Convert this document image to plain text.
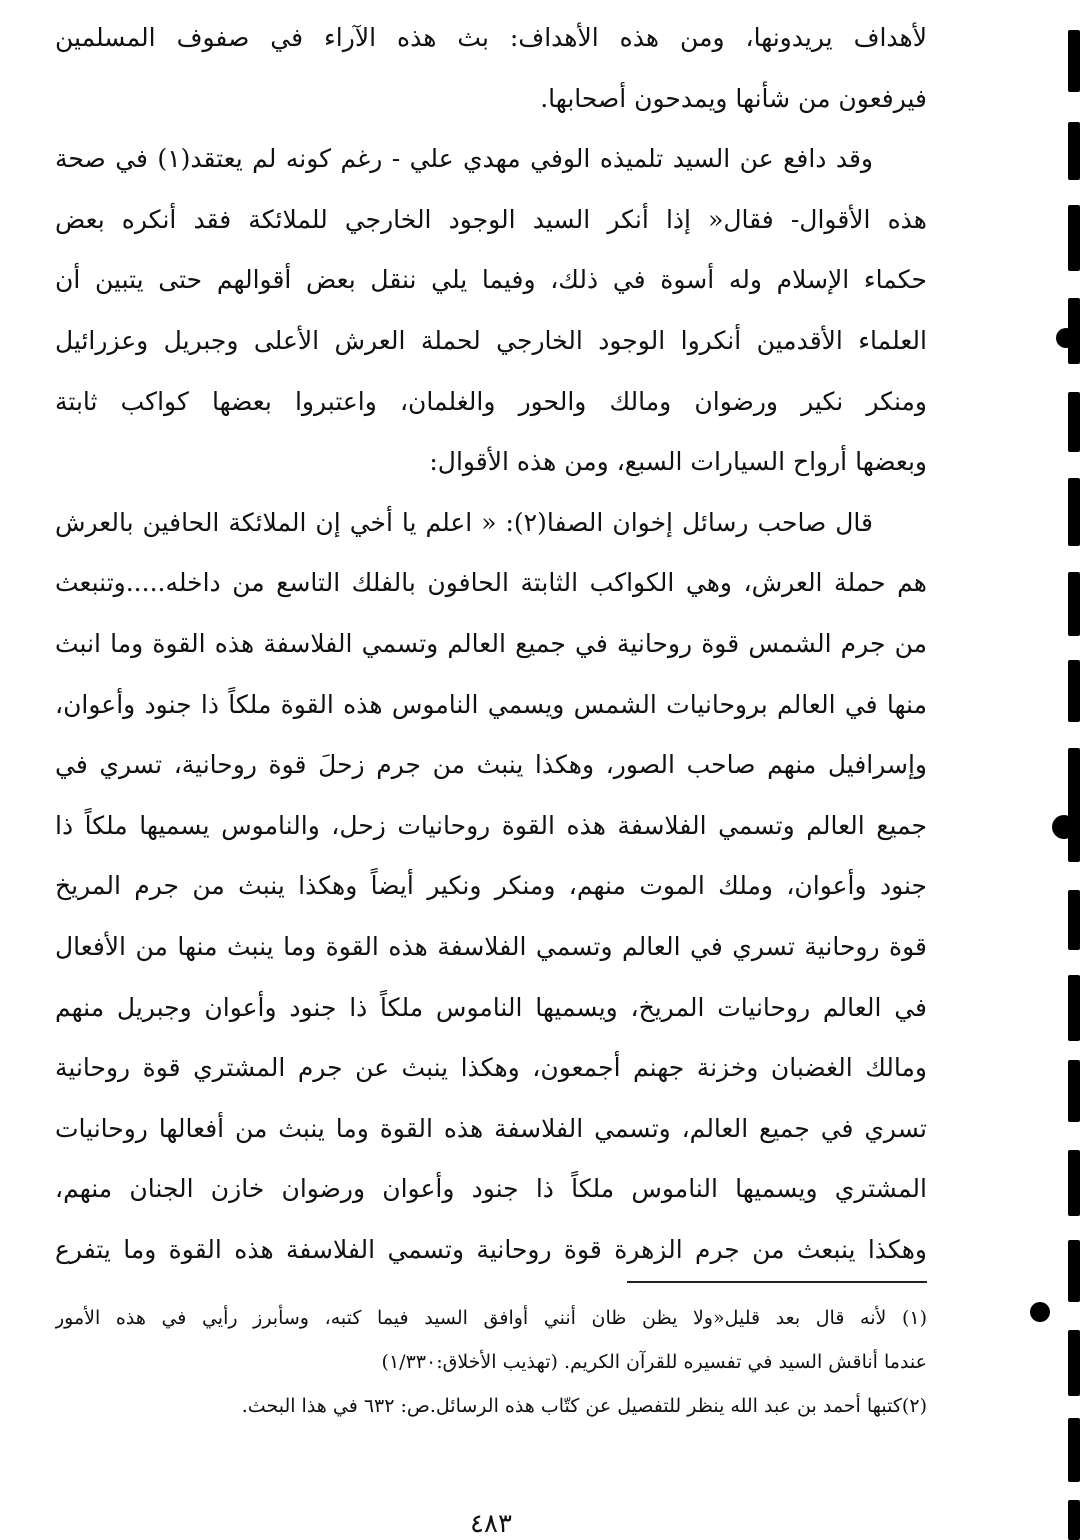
لأهداف يريدونها، ومن هذه الأهداف: بث هذه الآراء في صفوف المسلمين
فيرفعون من شأنها ويمدحون أصحابها.
وقد دافع عن السيد تلميذه الوفي مهدي علي - رغم كونه لم يعتقد(١) في صحة
هذه الأقوال- فقال« إذا أنكر السيد الوجود الخارجي للملائكة فقد أنكره بعض
حكماء الإسلام وله أسوة في ذلك، وفيما يلي ننقل بعض أقوالهم حتى يتبين أن
العلماء الأقدمين أنكروا الوجود الخارجي لحملة العرش الأعلى وجبريل وعزرائيل
ومنكر نكير ورضوان ومالك والحور والغلمان، واعتبروا بعضها كواكب ثابتة
وبعضها أرواح السيارات السبع، ومن هذه الأقوال:
قال صاحب رسائل إخوان الصفا(٢): « اعلم يا أخي إن الملائكة الحافين بالعرش
هم حملة العرش، وهي الكواكب الثابتة الحافون بالفلك التاسع من داخله.....وتنبعث
من جرم الشمس قوة روحانية في جميع العالم وتسمي الفلاسفة هذه القوة وما انبث
منها في العالم بروحانيات الشمس ويسمي الناموس هذه القوة ملكاً ذا جنود وأعوان،
وإسرافيل منهم صاحب الصور، وهكذا ينبث من جرم زحلَ قوة روحانية، تسري في
جميع العالم وتسمي الفلاسفة هذه القوة روحانيات زحل، والناموس يسميها ملكاً ذا
جنود وأعوان، وملك الموت منهم، ومنكر ونكير أيضاً وهكذا ينبث من جرم المريخ
قوة روحانية تسري في العالم وتسمي الفلاسفة هذه القوة وما ينبث منها من الأفعال
في العالم روحانيات المريخ، ويسميها الناموس ملكاً ذا جنود وأعوان وجبريل منهم
ومالك الغضبان وخزنة جهنم أجمعون، وهكذا ينبث عن جرم المشتري قوة روحانية
تسري في جميع العالم، وتسمي الفلاسفة هذه القوة وما ينبث من أفعالها روحانيات
المشتري ويسميها الناموس ملكاً ذا جنود وأعوان ورضوان خازن الجنان منهم،
وهكذا ينبعث من جرم الزهرة قوة روحانية وتسمي الفلاسفة هذه القوة وما يتفرع
(١) لأنه قال بعد قليل«ولا يظن ظان أنني أوافق السيد فيما كتبه، وسأبرز رأيي في هذه الأمور
عندما أناقش السيد في تفسيره للقرآن الكريم. (تهذيب الأخلاق:١/٣٣٠)
(٢)كتبها أحمد بن عبد الله ينظر للتفصيل عن كتّاب هذه الرسائل.ص: ٦٣٢ في هذا البحث.
٤٨٣
